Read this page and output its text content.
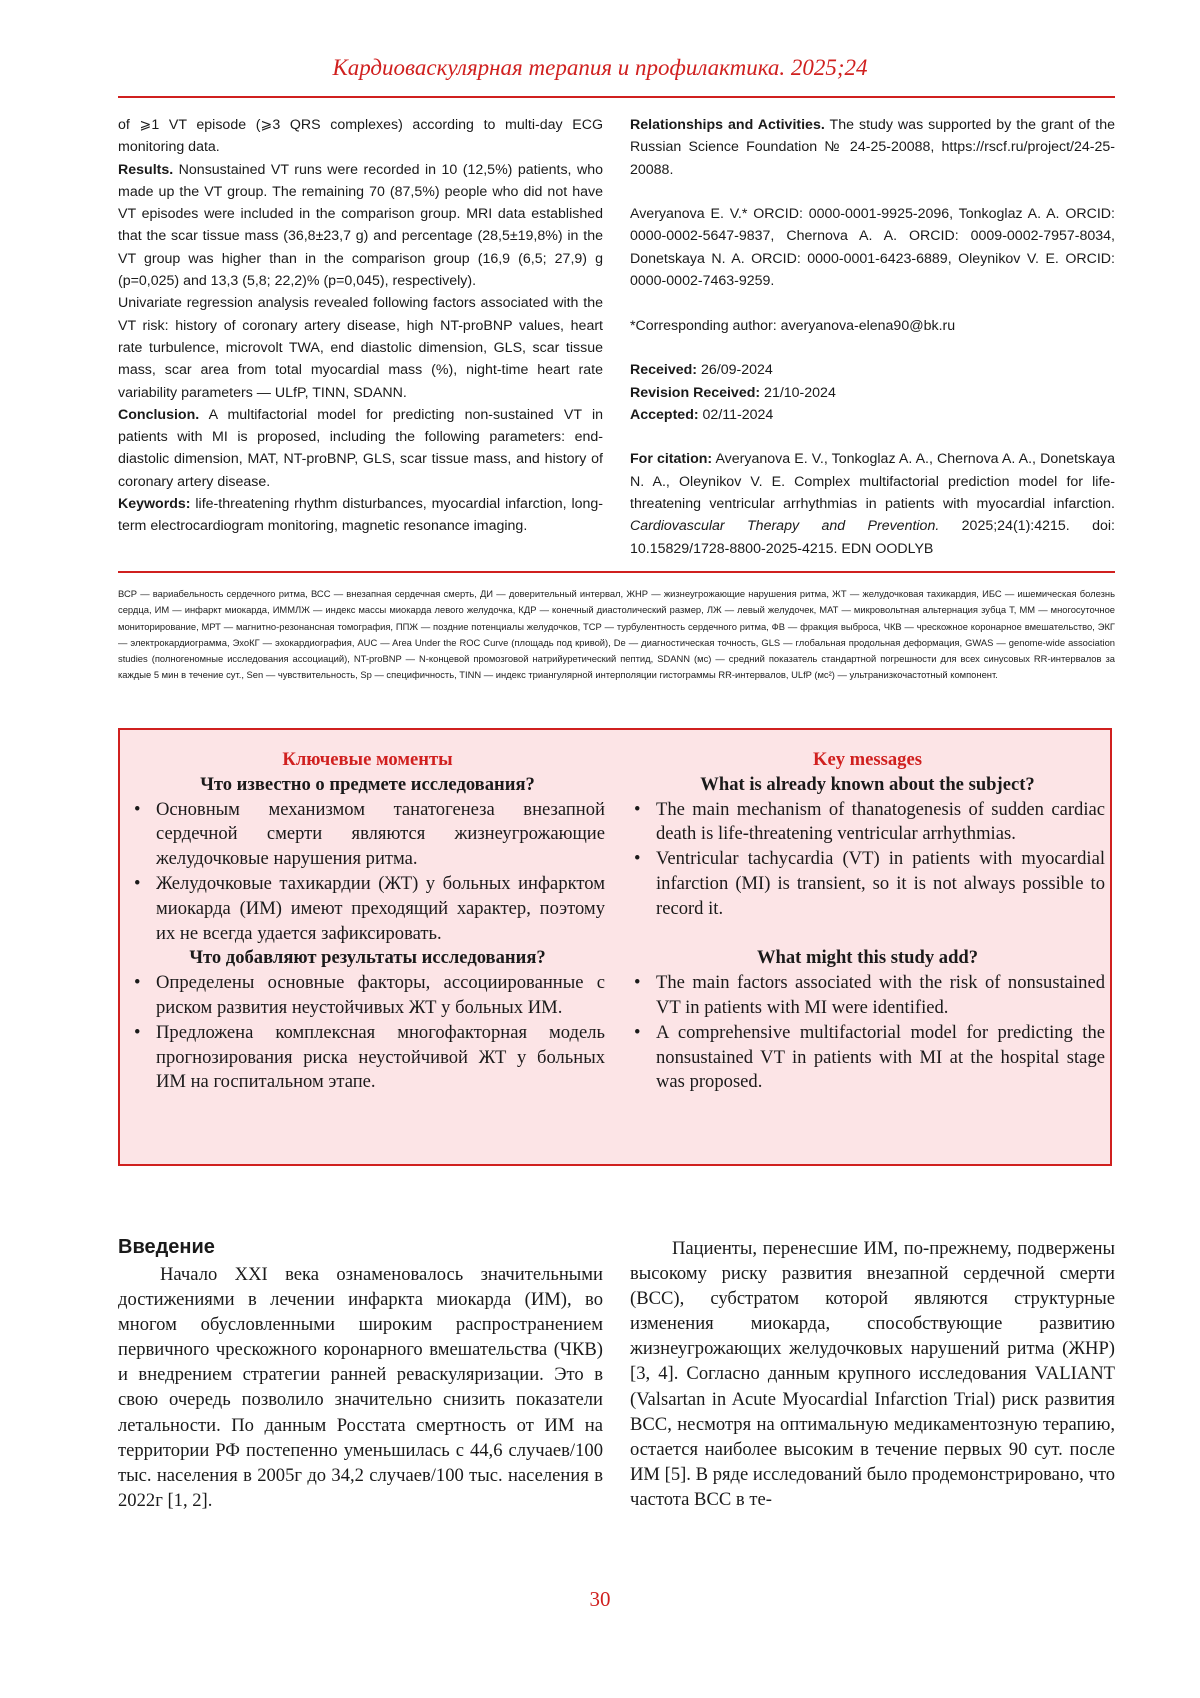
Кардиоваскулярная терапия и профилактика. 2025;24

of ⩾1 VT episode (⩾3 QRS complexes) according to multi-day ECG monitoring data.

Results. Nonsustained VT runs were recorded in 10 (12,5%) patients, who made up the VT group. The remaining 70 (87,5%) people who did not have VT episodes were included in the comparison group. MRI data established that the scar tissue mass (36,8±23,7 g) and percentage (28,5±19,8%) in the VT group was higher than in the comparison group (16,9 (6,5; 27,9) g (p=0,025) and 13,3 (5,8; 22,2)% (p=0,045), respectively).

Univariate regression analysis revealed following factors associated with the VT risk: history of coronary artery disease, high NT-proBNP values, heart rate turbulence, microvolt TWA, end diastolic dimension, GLS, scar tissue mass, scar area from total myocardial mass (%), night-time heart rate variability parameters — ULfP, TINN, SDANN.

Conclusion. A multifactorial model for predicting non-sustained VT in patients with MI is proposed, including the following parameters: end-diastolic dimension, MAT, NT-proBNP, GLS, scar tissue mass, and history of coronary artery disease.

Keywords: life-threatening rhythm disturbances, myocardial infarction, long-term electrocardiogram monitoring, magnetic resonance imaging.

Relationships and Activities. The study was supported by the grant of the Russian Science Foundation № 24-25-20088, https://rscf.ru/project/24-25-20088.

Averyanova E. V.* ORCID: 0000-0001-9925-2096, Tonkoglaz A. A. ORCID: 0000-0002-5647-9837, Chernova A. A. ORCID: 0009-0002-7957-8034, Donetskaya N. A. ORCID: 0000-0001-6423-6889, Oleynikov V. E. ORCID: 0000-0002-7463-9259.

*Corresponding author: averyanova-elena90@bk.ru

Received: 26/09-2024

Revision Received: 21/10-2024

Accepted: 02/11-2024

For citation: Averyanova E. V., Tonkoglaz A. A., Chernova A. A., Donetskaya N. A., Oleynikov V. E. Complex multifactorial prediction model for life-threatening ventricular arrhythmias in patients with myocardial infarction. Cardiovascular Therapy and Prevention. 2025;24(1):4215. doi: 10.15829/1728-8800-2025-4215. EDN OODLYB

ВСР — вариабельность сердечного ритма, ВСС — внезапная сердечная смерть, ДИ — доверительный интервал, ЖНР — жизнеугрожающие нарушения ритма, ЖТ — желудочковая тахикардия, ИБС — ишемическая болезнь сердца, ИМ — инфаркт миокарда, ИММЛЖ — индекс массы миокарда левого желудочка, КДР — конечный диастолический размер, ЛЖ — левый желудочек, МАТ — микровольтная альтернация зубца Т, ММ — многосуточное мониторирование, МРТ — магнитно-резонансная томография, ППЖ — поздние потенциалы желудочков, ТСР — турбулентность сердечного ритма, ФВ — фракция выброса, ЧКВ — чрескожное коронарное вмешательство, ЭКГ — электрокардиограмма, ЭхоКГ — эхокардиография, AUC — Area Under the ROC Curve (площадь под кривой), De — диагностическая точность, GLS — глобальная продольная деформация, GWAS — genome-wide association studies (полногеномные исследования ассоциаций), NT-proBNP — N-концевой промозговой натрийуретический пептид, SDANN (мс) — средний показатель стандартной погрешности для всех синусовых RR-интервалов за каждые 5 мин в течение сут., Sen — чувствительность, Sp — специфичность, TINN — индекс триангулярной интерполяции гистограммы RR-интервалов, ULfP (мс²) — ультранизкочастотный компонент.
Ключевые моменты
Что известно о предмете исследования?
• Основным механизмом танатогенеза внезапной сердечной смерти являются жизнеугрожающие желудочковые нарушения ритма.
• Желудочковые тахикардии (ЖТ) у больных инфарктом миокарда (ИМ) имеют преходящий характер, поэтому их не всегда удается зафиксировать.
Что добавляют результаты исследования?
• Определены основные факторы, ассоциированные с риском развития неустойчивых ЖТ у больных ИМ.
• Предложена комплексная многофакторная модель прогнозирования риска неустойчивой ЖТ у больных ИМ на госпитальном этапе.
Key messages
What is already known about the subject?
• The main mechanism of thanatogenesis of sudden cardiac death is life-threatening ventricular arrhythmias.
• Ventricular tachycardia (VT) in patients with myocardial infarction (MI) is transient, so it is not always possible to record it.
What might this study add?
• The main factors associated with the risk of nonsustained VT in patients with MI were identified.
• A comprehensive multifactorial model for predicting the nonsustained VT in patients with MI at the hospital stage was proposed.
Введение

Начало XXI века ознаменовалось значительными достижениями в лечении инфаркта миокарда (ИМ), во многом обусловленными широким распространением первичного чрескожного коронарного вмешательства (ЧКВ) и внедрением стратегии ранней реваскуляризации. Это в свою очередь позволило значительно снизить показатели летальности. По данным Росстата смертность от ИМ на территории РФ постепенно уменьшилась с 44,6 случаев/100 тыс. населения в 2005г до 34,2 случаев/100 тыс. населения в 2022г [1, 2].

Пациенты, перенесшие ИМ, по-прежнему, подвержены высокому риску развития внезапной сердечной смерти (ВСС), субстратом которой являются структурные изменения миокарда, способствующие развитию жизнеугрожающих желудочковых нарушений ритма (ЖНР) [3, 4]. Согласно данным крупного исследования VALIANT (Valsartan in Acute Myocardial Infarction Trial) риск развития ВСС, несмотря на оптимальную медикаментозную терапию, остается наиболее высоким в течение первых 90 сут. после ИМ [5]. В ряде исследований было продемонстрировано, что частота ВСС в те-

30
